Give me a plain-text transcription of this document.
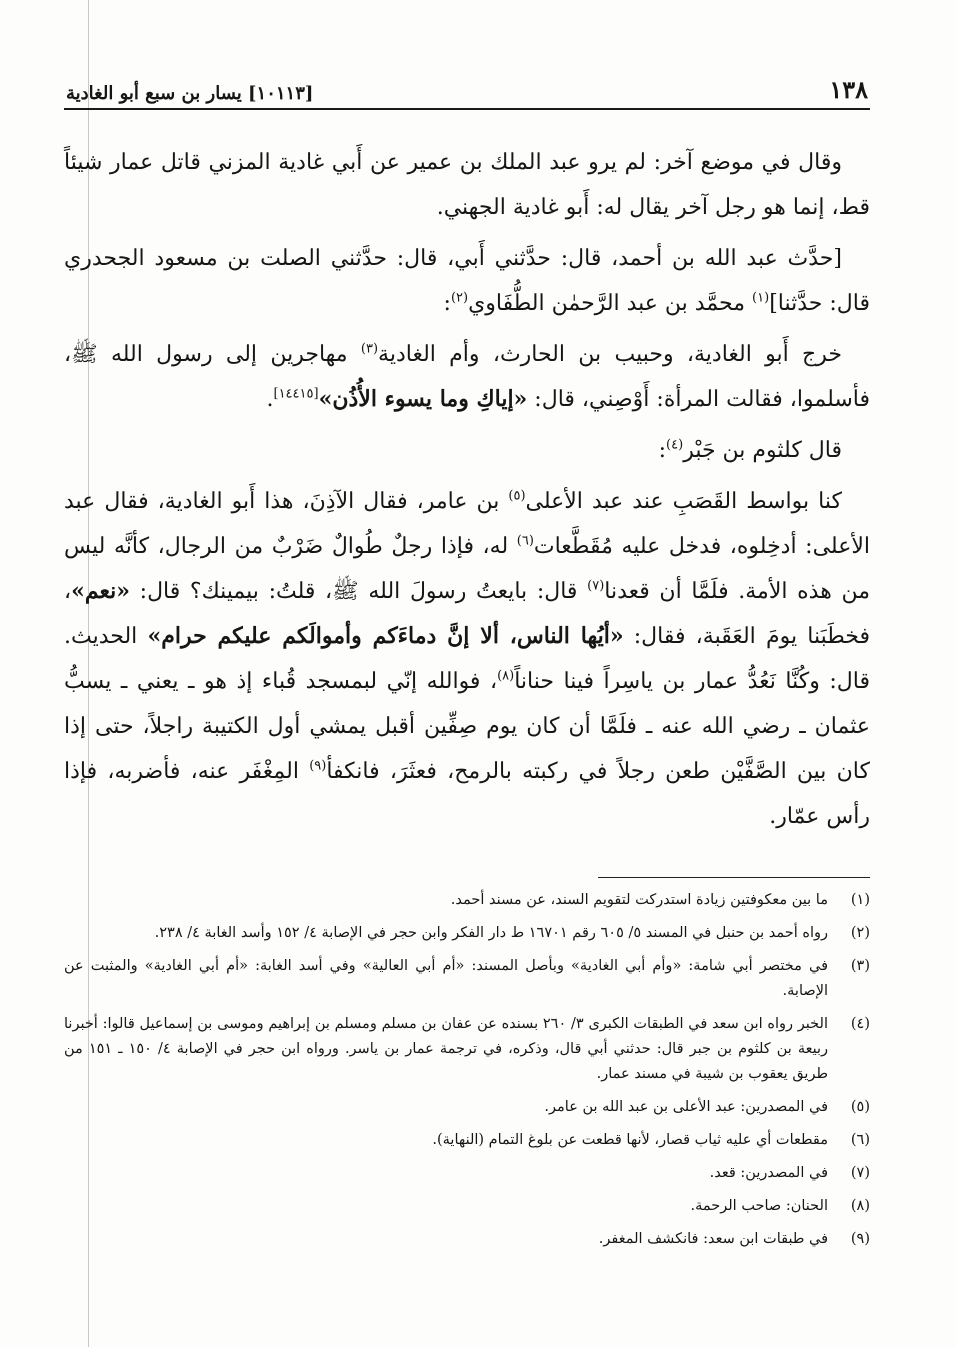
١٣٨
[١٠١١٣] يسار بن سبع أبو الغادية

وقال في موضع آخر: لم يرو عبد الملك بن عمير عن أَبي غادية المزني قاتل عمار شيئاً قط، إنما هو رجل آخر يقال له: أَبو غادية الجهني.

[حدَّث عبد الله بن أحمد، قال: حدَّثني أَبي، قال: حدَّثني الصلت بن مسعود الجحدري قال: حدَّثنا]$^{(١)}$ محمَّد بن عبد الرَّحمٰن الطُّفَاوي$^{(٢)}$:

خرج أَبو الغادية، وحبيب بن الحارث، وأم الغادية$^{(٣)}$ مهاجرين إلى رسول الله ﷺ، فأسلموا، فقالت المرأة: أَوْصِني، قال: «إياكِ وما يسوء الأُذُن»[١٤٤١٥].

قال كلثوم بن جَبْر$^{(٤)}$:

كنا بواسط القَصَبِ عند عبد الأعلى$^{(٥)}$ بن عامر، فقال الآذِنَ، هذا أَبو الغادية، فقال عبد الأعلى: أدخِلوه، فدخل عليه مُقَطَّعات$^{(٦)}$ له، فإذا رجلٌ طُوالٌ ضَرْبٌ من الرجال، كأنَّه ليس من هذه الأمة. فلَمَّا أن قعدنا$^{(٧)}$ قال: بايعتُ رسولَ الله ﷺ، قلتُ: بيمينك؟ قال: «نعم»، فخطَبَنا يومَ العَقَبة، فقال: «أيُها الناس، ألا إنَّ دماءَكم وأموالَكم عليكم حرام» الحديث. قال: وكُنَّا نَعُدُّ عمار بن ياسِراً فينا حناناً$^{(٨)}$، فوالله إنّي لبمسجد قُباء إذ هو ـ يعني ـ يسبُّ عثمان ـ رضي الله عنه ـ فلَمَّا أن كان يوم صِفِّين أقبل يمشي أول الكتيبة راجلاً، حتى إذا كان بين الصَّفَّيْن طعن رجلاً في ركبته بالرمح، فعثَرَ، فانكفأ$^{(٩)}$ المِغْفَر عنه، فأضربه، فإذا رأس عمّار.

(١)
ما بين معكوفتين زيادة استدركت لتقويم السند، عن مسند أحمد.
(٢)
رواه أحمد بن حنبل في المسند ٥/ ٦٠٥ رقم ١٦٧٠١ ط دار الفكر وابن حجر في الإصابة ٤/ ١٥٢ وأسد الغابة ٤/ ٢٣٨.
(٣)
في مختصر أبي شامة: «وأم أبي الغادية» وبأصل المسند: «أم أبي العالية» وفي أسد الغابة: «أم أبي الغادية» والمثبت عن الإصابة.
(٤)
الخبر رواه ابن سعد في الطبقات الكبرى ٣/ ٢٦٠ بسنده عن عفان بن مسلم ومسلم بن إبراهيم وموسى بن إسماعيل قالوا: أخبرنا ربيعة بن كلثوم بن جبر قال: حدثني أبي قال، وذكره، في ترجمة عمار بن ياسر. ورواه ابن حجر في الإصابة ٤/ ١٥٠ ـ ١٥١ من طريق يعقوب بن شيبة في مسند عمار.
(٥)
في المصدرين: عبد الأعلى بن عبد الله بن عامر.
(٦)
مقطعات أي عليه ثياب قصار، لأنها قطعت عن بلوغ التمام (النهاية).
(٧)
في المصدرين: قعد.
(٨)
الحنان: صاحب الرحمة.
(٩)
في طبقات ابن سعد: فانكشف المغفر.
